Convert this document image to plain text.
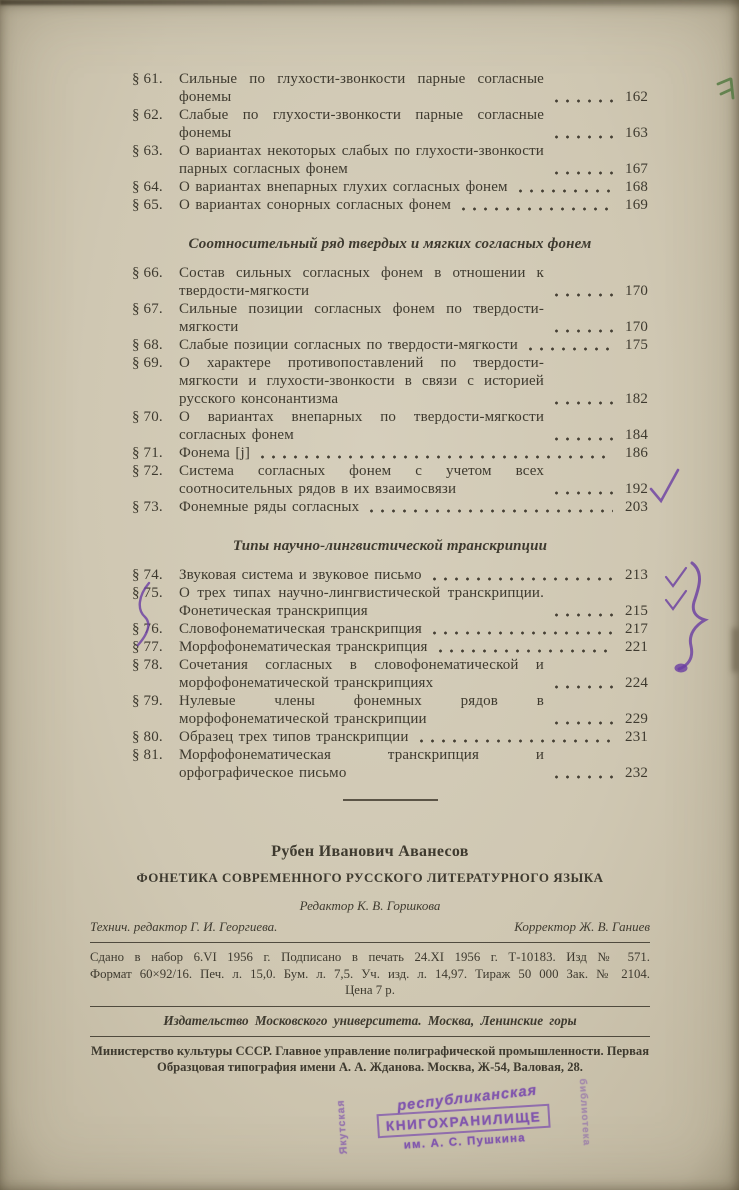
§ 61.	Сильные по глухости-звонкости парные согласные фонемы	162
§ 62.	Слабые по глухости-звонкости парные согласные фонемы	163
§ 63.	О вариантах некоторых слабых по глухости-звонкости парных согласных фонем	167
§ 64.	О вариантах внепарных глухих согласных фонем	168
§ 65.	О вариантах сонорных согласных фонем	169
Соотносительный ряд твердых и мягких согласных фонем
§ 66.	Состав сильных согласных фонем в отношении к твердости-мягкости	170
§ 67.	Сильные позиции согласных фонем по твердости-мягкости	170
§ 68.	Слабые позиции согласных по твердости-мягкости	175
§ 69.	О характере противопоставлений по твердости-мягкости и глухости-звонкости в связи с историей русского консонантизма	182
§ 70.	О вариантах внепарных по твердости-мягкости согласных фонем	184
§ 71.	Фонема [j]	186
§ 72.	Система согласных фонем с учетом всех соотносительных рядов в их взаимосвязи	192
§ 73.	Фонемные ряды согласных	203
Типы научно-лингвистической транскрипции
§ 74.	Звуковая система и звуковое письмо	213
§ 75.	О трех типах научно-лингвистической транскрипции. Фонетическая транскрипция	215
§ 76.	Словофонематическая транскрипция	217
§ 77.	Морфофонематическая транскрипция	221
§ 78.	Сочетания согласных в словофонематической и морфофонематической транскрипциях	224
§ 79.	Нулевые члены фонемных рядов в морфофонематической транскрипции	229
§ 80.	Образец трех типов транскрипции	231
§ 81.	Морфофонематическая транскрипция и орфографическое письмо	232
Рубен Иванович Аванесов
ФОНЕТИКА СОВРЕМЕННОГО РУССКОГО ЛИТЕРАТУРНОГО ЯЗЫКА
Редактор К. В. Горшкова
Технич. редактор Г. И. Георгиева.	Корректор Ж. В. Ганиев
Сдано в набор 6.VI 1956 г. Подписано в печать 24.XI 1956 г. Т-10183. Изд № 571.
Формат 60×92/16. Печ. л. 15,0. Бум. л. 7,5. Уч. изд. л. 14,97. Тираж 50 000 Зак. № 2104.
Цена 7 р.
Издательство Московского университета. Москва, Ленинские горы
Министерство культуры СССР. Главное управление полиграфической промышленности. Первая Образцовая типография имени А. А. Жданова. Москва, Ж-54, Валовая, 28.
Якутская
республиканская
КНИГОХРАНИЛИЩЕ
им. А. С. Пушкина	библиотека
